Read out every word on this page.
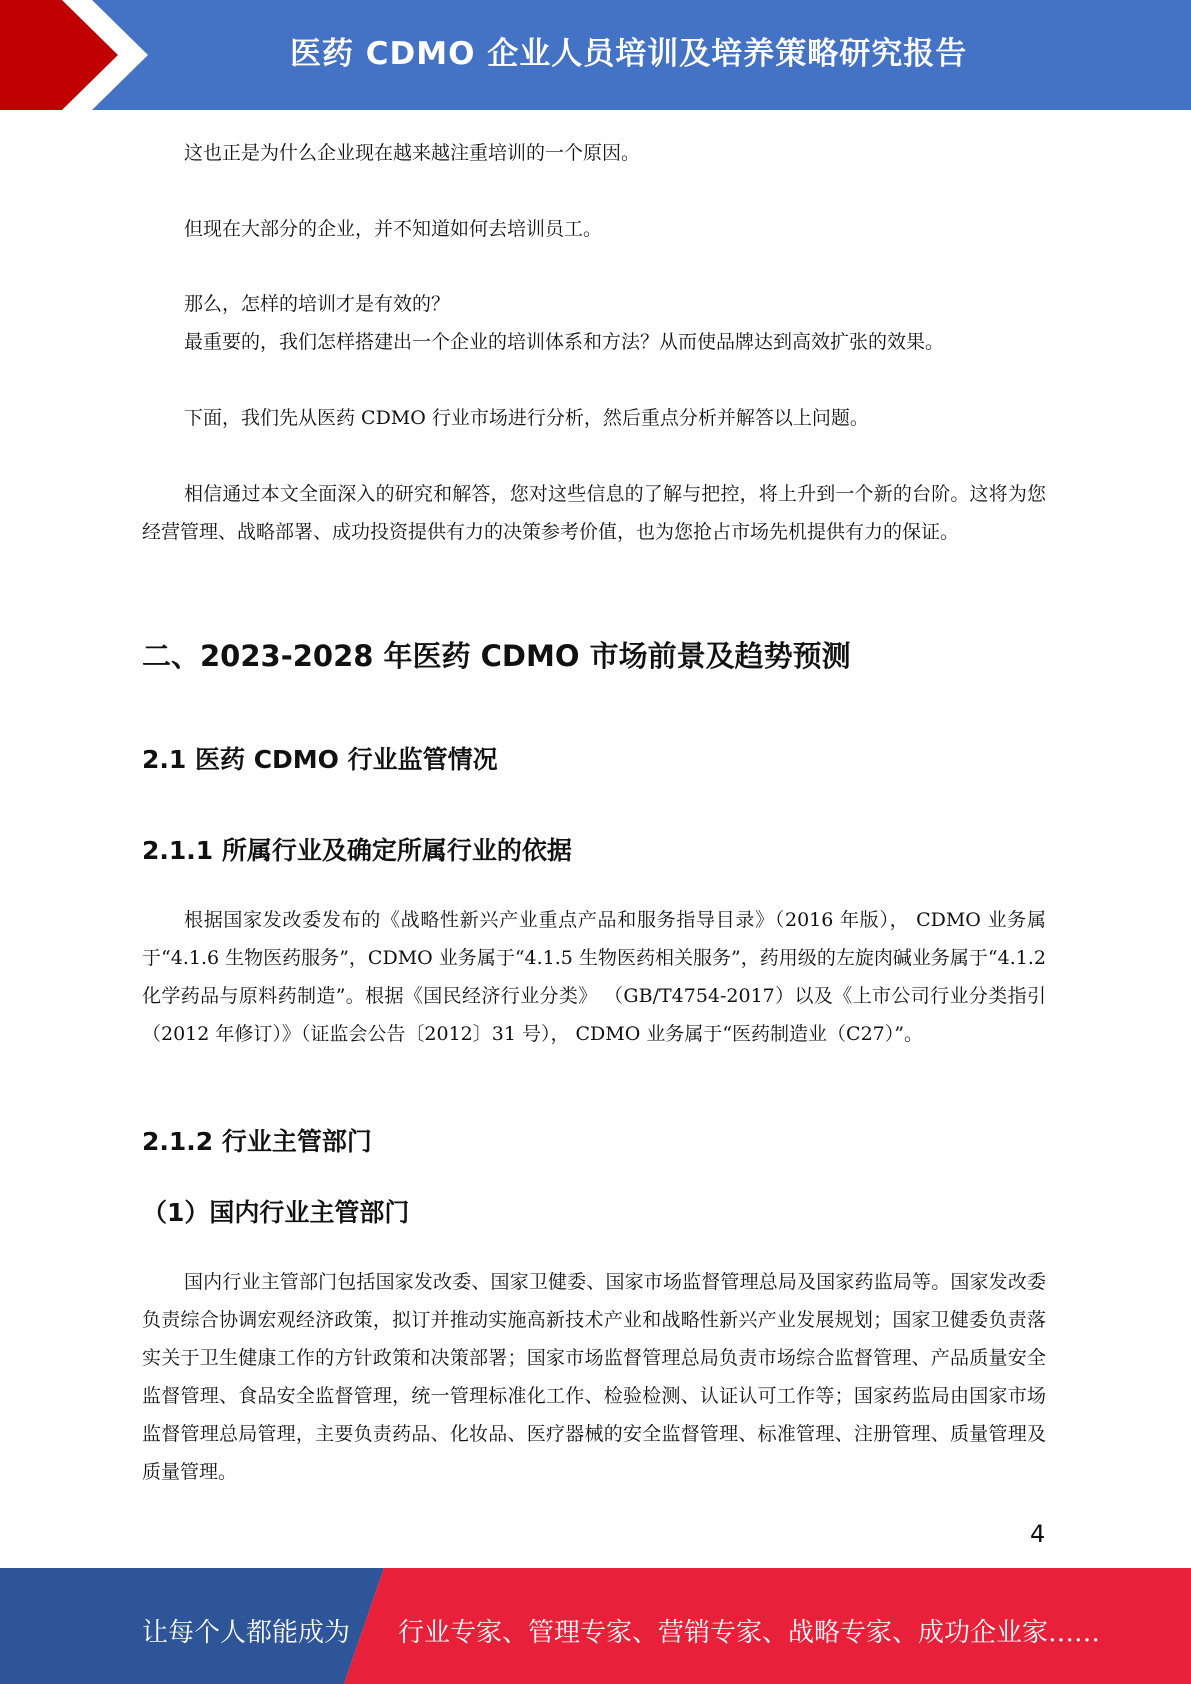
医药 CDMO 企业人员培训及培养策略研究报告

这也正是为什么企业现在越来越注重培训的一个原因。

但现在大部分的企业，并不知道如何去培训员工。

那么，怎样的培训才是有效的？

最重要的，我们怎样搭建出一个企业的培训体系和方法？从而使品牌达到高效扩张的效果。

下面，我们先从医药 CDMO 行业市场进行分析，然后重点分析并解答以上问题。

相信通过本文全面深入的研究和解答，您对这些信息的了解与把控，将上升到一个新的台阶。这将为您经营管理、战略部署、成功投资提供有力的决策参考价值，也为您抢占市场先机提供有力的保证。

二、2023-2028 年医药 CDMO 市场前景及趋势预测
2.1 医药 CDMO 行业监管情况
2.1.1 所属行业及确定所属行业的依据

根据国家发改委发布的《战略性新兴产业重点产品和服务指导目录》（2016 年版）， CDMO 业务属于“4.1.6 生物医药服务”，CDMO 业务属于“4.1.5 生物医药相关服务”，药用级的左旋肉碱业务属于“4.1.2 化学药品与原料药制造”。根据《国民经济行业分类》 （GB/T4754-2017）以及《上市公司行业分类指引（2012 年修订）》（证监会公告〔2012〕31 号）， CDMO 业务属于“医药制造业（C27）”。

2.1.2 行业主管部门
（1）国内行业主管部门

国内行业主管部门包括国家发改委、国家卫健委、国家市场监督管理总局及国家药监局等。国家发改委负责综合协调宏观经济政策，拟订并推动实施高新技术产业和战略性新兴产业发展规划；国家卫健委负责落实关于卫生健康工作的方针政策和决策部署；国家市场监督管理总局负责市场综合监督管理、产品质量安全监督管理、食品安全监督管理，统一管理标准化工作、检验检测、认证认可工作等；国家药监局由国家市场监督管理总局管理，主要负责药品、化妆品、医疗器械的安全监督管理、标准管理、注册管理、质量管理及质量管理。

4
让每个人都能成为 行业专家、管理专家、营销专家、战略专家、成功企业家……
